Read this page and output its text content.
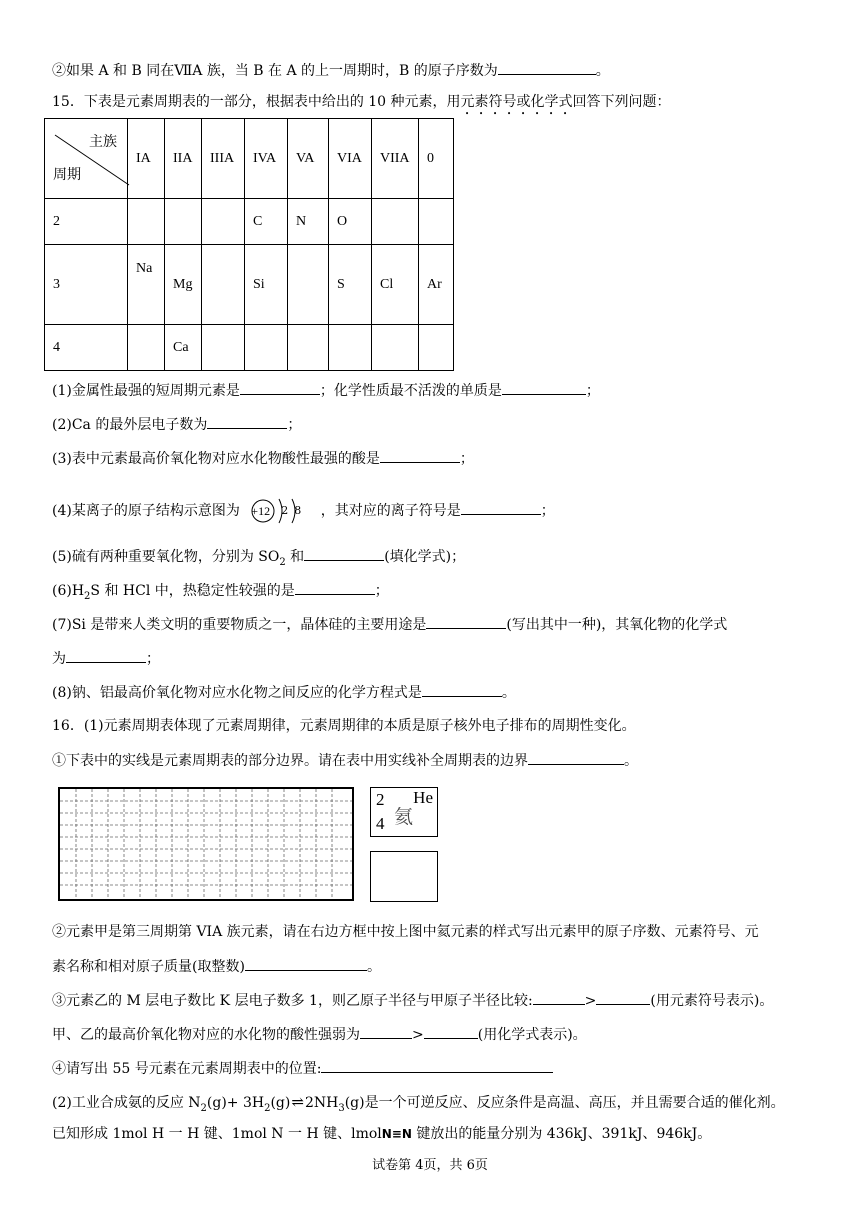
②如果 A 和 B 同在ⅦA 族，当 B 在 A 的上一周期时，B 的原子序数为	。
15．下表是元素周期表的一部分，根据表中给出的 10 种元素，用元素符号或化学式回答下列问题：
主族
周期	IA	IIA	IIIA	IVA	VA	VIA	VIIA	0
2				C	N	O		
3	Na	Mg		Si		S	Cl	Ar
4		Ca						
(1)金属性最强的短周期元素是	；化学性质最不活泼的单质是	；
(2)Ca 的最外层电子数为	；
(3)表中元素最高价氧化物对应水化物酸性最强的酸是	；
(4)某离子的原子结构示意图为 +12 2 8 ，其对应的离子符号是	；
(5)硫有两种重要氧化物，分别为 $SO_2$ 和	(填化学式)；
$(6)H_2S$ 和 HCl 中，热稳定性较强的是	；
(7)Si 是带来人类文明的重要物质之一，晶体硅的主要用途是	(写出其中一种)，其氧化物的化学式
为	；
(8)钠、铝最高价氧化物对应水化物之间反应的化学方程式是	。
16．(1)元素周期表体现了元素周期律，元素周期律的本质是原子核外电子排布的周期性变化。
①下表中的实线是元素周期表的部分边界。请在表中用实线补全周期表的边界	。
2 He
氦
4
②元素甲是第三周期第 VIA 族元素，请在右边方框中按上图中氦元素的样式写出元素甲的原子序数、元素符号、元
素名称和相对原子质量(取整数)	。
③元素乙的 M 层电子数比 K 层电子数多 1，则乙原子半径与甲原子半径比较:	>	(用元素符号表示)。
甲、乙的最高价氧化物对应的水化物的酸性强弱为	>	(用化学式表示)。
④请写出 55 号元素在元素周期表中的位置:
(2)工业合成氨的反应 $N_2(g)+$ $3H_2(g)\rightleftharpoons 2NH_3(g)$是一个可逆反应、反应条件是高温、高压，并且需要合适的催化剂。
已知形成 1mol H 一 H 键、1mol N 一 H 键、lmolN≡N 键放出的能量分别为 436kJ、391kJ、946kJ。
试卷第 4页，共 6页
